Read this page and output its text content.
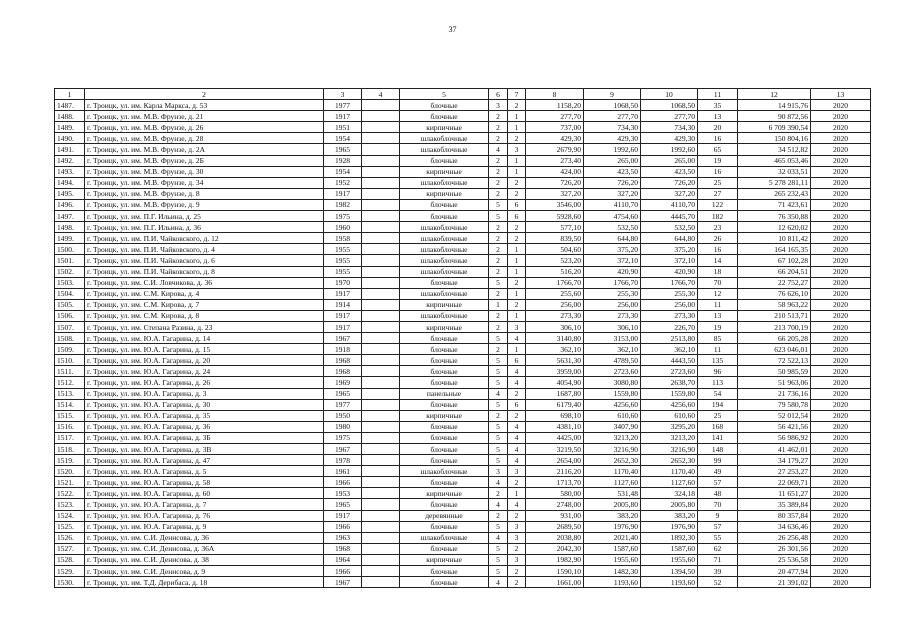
37
1	2	3	4	5	6	7	8	9	10	11	12	13
1487.	г. Троицк, ул. им. Карла Маркса, д. 53	1977		блочные	3	2	1158,20	1068,50	1068,50	35	14 915,76	2020
1488.	г. Троицк, ул. им. М.В. Фрунзе, д. 21	1917		блочные	2	1	277,70	277,70	277,70	13	90 872,56	2020
1489.	г. Троицк, ул. им. М.В. Фрунзе, д. 26	1951		кирпичные	2	1	737,00	734,30	734,30	20	6 709 390,54	2020
1490.	г. Троицк, ул. им. М.В. Фрунзе, д. 28	1954		шлакоблочные	2	2	429,30	429,30	429,30	16	150 804,16	2020
1491.	г. Троицк, ул. им. М.В. Фрунзе, д. 2А	1965		шлакоблочные	4	3	2679,90	1992,60	1992,60	65	34 512,82	2020
1492.	г. Троицк, ул. им. М.В. Фрунзе, д. 2Б	1928		блочные	2	1	273,40	265,00	265,00	19	465 053,46	2020
1493.	г. Троицк, ул. им. М.В. Фрунзе, д. 30	1954		кирпичные	2	1	424,00	423,50	423,50	16	32 033,51	2020
1494.	г. Троицк, ул. им. М.В. Фрунзе, д. 34	1952		шлакоблочные	2	2	726,20	726,20	726,20	25	5 278 281,11	2020
1495.	г. Троицк, ул. им. М.В. Фрунзе, д. 8	1917		кирпичные	2	2	327,20	327,20	327,20	27	265 232,43	2020
1496.	г. Троицк, ул. им. М.В. Фрунзе, д. 9	1982		блочные	5	6	3546,00	4110,70	4110,70	122	71 423,61	2020
1497.	г. Троицк, ул. им. П.Г. Ильина, д. 25	1975		блочные	5	6	5928,60	4754,60	4445,70	182	76 350,88	2020
1498.	г. Троицк, ул. им. П.Г. Ильина, д. 36	1960		шлакоблочные	2	2	577,10	532,50	532,50	23	12 620,02	2020
1499.	г. Троицк, ул. им. П.И. Чайковского, д. 12	1958		шлакоблочные	2	2	839,50	644,80	644,80	26	10 811,42	2020
1500.	г. Троицк, ул. им. П.И. Чайковского, д. 4	1955		шлакоблочные	2	1	504,60	375,20	375,20	16	164 165,35	2020
1501.	г. Троицк, ул. им. П.И. Чайковского, д. 6	1955		шлакоблочные	2	1	523,20	372,10	372,10	14	67 102,28	2020
1502.	г. Троицк, ул. им. П.И. Чайковского, д. 8	1955		шлакоблочные	2	1	516,20	420,90	420,90	18	66 204,51	2020
1503.	г. Троицк, ул. им. С.И. Ловчикова, д. 36	1970		блочные	5	2	1766,70	1766,70	1766,70	70	22 752,27	2020
1504.	г. Троицк, ул. им. С.М. Кирова, д. 4	1917		шлакоблочные	2	1	255,60	255,30	255,30	12	76 626,10	2020
1505.	г. Троицк, ул. им. С.М. Кирова, д. 7	1914		кирпичные	1	2	256,00	256,00	256,00	11	58 963,22	2020
1506.	г. Троицк, ул. им. С.М. Кирова, д. 8	1917		шлакоблочные	2	1	273,30	273,30	273,30	13	210 513,71	2020
1507.	г. Троицк, ул. им. Степана Разина, д. 23	1917		кирпичные	2	3	306,10	306,10	226,70	19	213 700,19	2020
1508.	г. Троицк, ул. им. Ю.А. Гагарина, д. 14	1967		блочные	5	4	3140,80	3153,00	2513,80	85	66 205,28	2020
1509.	г. Троицк, ул. им. Ю.А. Гагарина, д. 15	1918		блочные	2	1	362,10	362,10	362,10	11	623 046,01	2020
1510.	г. Троицк, ул. им. Ю.А. Гагарина, д. 20	1968		блочные	5	6	5631,30	4789,50	4443,50	135	72 522,13	2020
1511.	г. Троицк, ул. им. Ю.А. Гагарина, д. 24	1968		блочные	5	4	3959,00	2723,60	2723,60	96	50 985,59	2020
1512.	г. Троицк, ул. им. Ю.А. Гагарина, д. 26	1969		блочные	5	4	4054,90	3080,80	2638,70	113	51 963,06	2020
1513.	г. Троицк, ул. им. Ю.А. Гагарина, д. 3	1965		панельные	4	2	1687,80	1559,80	1559,80	54	21 736,16	2020
1514.	г. Троицк, ул. им. Ю.А. Гагарина, д. 30	1977		блочные	5	6	6179,40	4256,60	4256,60	194	79 580,78	2020
1515.	г. Троицк, ул. им. Ю.А. Гагарина, д. 35	1950		кирпичные	2	2	698,10	610,60	610,60	25	52 012,54	2020
1516.	г. Троицк, ул. им. Ю.А. Гагарина, д. 36	1980		блочные	5	4	4381,10	3407,90	3295,20	168	56 421,56	2020
1517.	г. Троицк, ул. им. Ю.А. Гагарина, д. 3Б	1975		блочные	5	4	4425,00	3213,20	3213,20	141	56 986,92	2020
1518.	г. Троицк, ул. им. Ю.А. Гагарина, д. 3В	1967		блочные	5	4	3219,50	3216,90	3216,90	148	41 462,01	2020
1519.	г. Троицк, ул. им. Ю.А. Гагарина, д. 47	1978		блочные	5	4	2654,00	2652,30	2652,30	99	34 179,27	2020
1520.	г. Троицк, ул. им. Ю.А. Гагарина, д. 5	1961		шлакоблочные	3	3	2116,20	1170,40	1170,40	49	27 253,27	2020
1521.	г. Троицк, ул. им. Ю.А. Гагарина, д. 58	1966		блочные	4	2	1713,70	1127,60	1127,60	57	22 069,71	2020
1522.	г. Троицк, ул. им. Ю.А. Гагарина, д. 60	1953		кирпичные	2	1	580,00	531,48	324,18	48	11 651,27	2020
1523.	г. Троицк, ул. им. Ю.А. Гагарина, д. 7	1965		блочные	4	4	2748,00	2005,80	2005,80	70	35 389,84	2020
1524.	г. Троицк, ул. им. Ю.А. Гагарина, д. 76	1917		деревянные	2	2	931,00	383,20	383,20	9	80 357,84	2020
1525.	г. Троицк, ул. им. Ю.А. Гагарина, д. 9	1966		блочные	5	3	2689,50	1976,90	1976,90	57	34 636,46	2020
1526.	г. Троицк, ул. им. С.И. Денисова, д. 36	1963		шлакоблочные	4	3	2038,80	2021,40	1892,30	55	26 256,48	2020
1527.	г. Троицк, ул. им. С.И. Денисова, д. 36А	1968		блочные	5	2	2042,30	1587,60	1587,60	62	26 301,56	2020
1528.	г. Троицк, ул. им. С.И. Денисова, д. 38	1964		кирпичные	5	3	1982,90	1955,60	1955,60	71	25 536,58	2020
1529.	г. Троицк, ул. им. С.И. Денисова, д. 9	1966		блочные	5	2	1590,10	1482,30	1394,50	39	20 477,94	2020
1530.	г. Троицк, ул. им. Т.Д. Дерибаса, д. 18	1967		блочные	4	2	1661,00	1193,60	1193,60	52	21 391,02	2020
